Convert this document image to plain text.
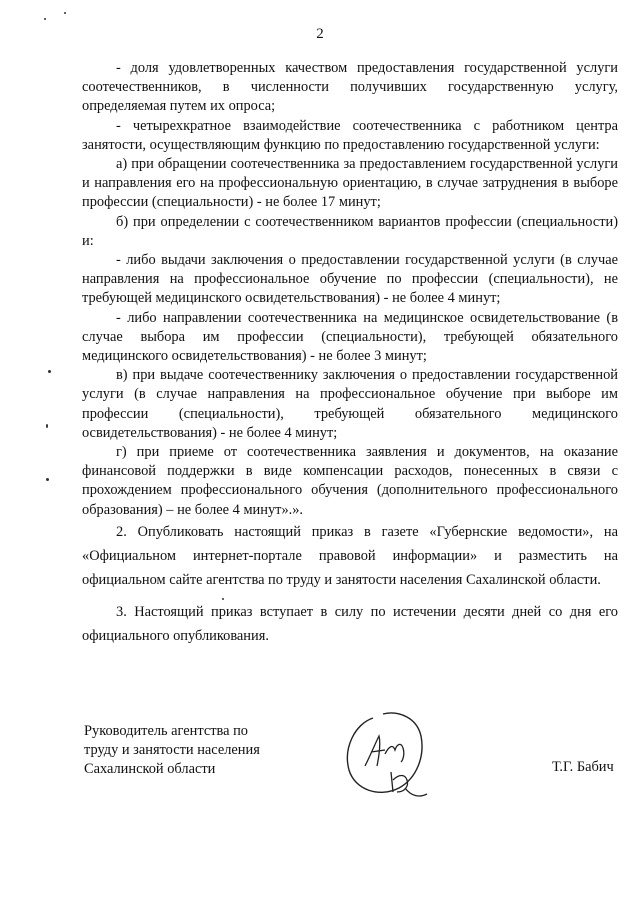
2

- доля удовлетворенных качеством предоставления государственной услуги соотечественников, в численности получивших государственную услугу, определяемая путем их опроса;

- четырехкратное взаимодействие соотечественника с работником центра занятости, осуществляющим функцию по предоставлению государственной услуги:

а) при обращении соотечественника за предоставлением государственной услуги и направления его на профессиональную ориентацию, в случае затруднения в выборе профессии (специальности) - не более 17 минут;

б) при определении с соотечественником вариантов профессии (специальности) и:

- либо выдачи заключения о предоставлении государственной услуги (в случае направления на профессиональное обучение по профессии (специальности), не требующей медицинского освидетельствования) - не более 4 минут;

- либо направлении соотечественника на медицинское освидетельствование (в случае выбора им профессии (специальности), требующей обязательного медицинского освидетельствования) - не более 3 минут;

в) при выдаче соотечественнику заключения о предоставлении государственной услуги (в случае направления на профессиональное обучение при выборе им профессии (специальности), требующей обязательного медицинского освидетельствования) - не более 4 минут;

г) при приеме от соотечественника заявления и документов, на оказание финансовой поддержки в виде компенсации расходов, понесенных в связи с прохождением профессионального обучения (дополнительного профессионального образования) – не более 4 минут».».

2. Опубликовать настоящий приказ в газете «Губернские ведомости», на «Официальном интернет-портале правовой информации» и разместить на официальном сайте агентства по труду и занятости населения Сахалинской области.

3. Настоящий приказ вступает в силу по истечении десяти дней со дня его официального опубликования.

Руководитель агентства по
труду и занятости населения
Сахалинской области	Т.Г. Бабич
